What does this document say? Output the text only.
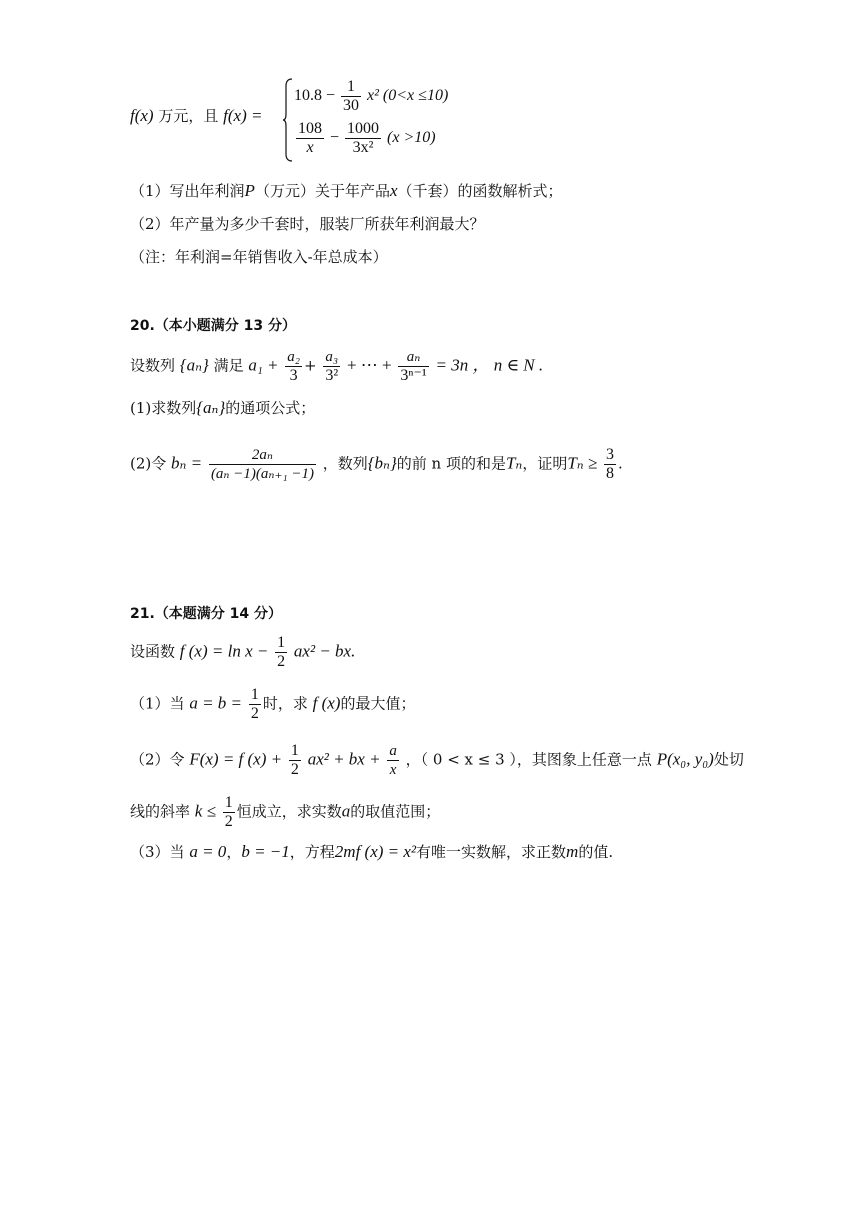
f(x) 万元，且 f(x) =
$10.8 - \frac{1}{30} x^2$ (0<x ≤10)
$\frac{108}{x} - \frac{1000}{\text{3x²}} (x >10)$
（1）写出年利润P（万元）关于年产品x（千套）的函数解析式；
（2）年产量为多少千套时，服装厂所获年利润最大？
（注：年利润=年销售收入-年总成本）
20.（本小题满分 13 分）
设数列 {aₙ} 满足 $a_1 + \frac{\text{a₂}}{3} + \frac{\text{a₃}}{\text{3²}}$ + ⋯ + $\frac{\text{aₙ}}{\text{3ⁿ⁻¹}} = 3n$ ， n ∈ N .
(1)求数列{aₙ}的通项公式；
(2)令 $b_n = \frac{\text{2aₙ}}{\text{(aₙ −1)(aₙ₊₁ −1)}}$ ，数列{bₙ}的前 n 项的和是Tₙ，证明$T_n \ge \frac{3}{8}$ .
21.（本题满分 14 分）
设函数 f $(x) = \ln x - \frac{1}{2} ax^2$ − bx.
（1）当 $a = b = \frac{1}{2}$ 时，求 f (x)的最大值；
（2）令 F(x) = f $(x) + \frac{1}{2} ax^2$ + bx + $\frac{a}{x}$ ，（ 0 < x ≤ 3 ），其图象上任意一点 P(x₀, y₀)处切
线的斜率 $k \le \frac{1}{2}$ 恒成立，求实数a的取值范围；
（3）当 a = 0，b = −1，方程2mf (x) = x²有唯一实数解，求正数m的值.
